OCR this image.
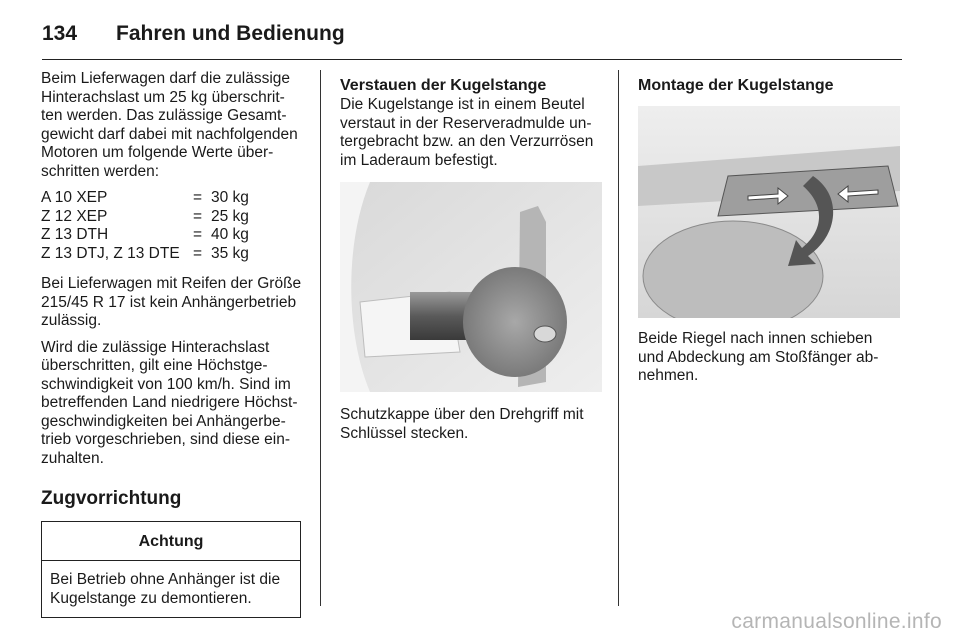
134	Fahren und Bedienung

Beim Lieferwagen darf die zulässige Hinterachslast um 25 kg überschrit-ten werden. Das zulässige Gesamt-gewicht darf dabei mit nachfolgenden Motoren um folgende Werte über-schritten werden:

A 10 XEP	=	30 kg
Z 12 XEP	=	25 kg
Z 13 DTH	=	40 kg
Z 13 DTJ, Z 13 DTE	=	35 kg

Bei Lieferwagen mit Reifen der Größe 215/45 R 17 ist kein Anhängerbetrieb zulässig.

Wird die zulässige Hinterachslast überschritten, gilt eine Höchstge-schwindigkeit von 100 km/h. Sind im betreffenden Land niedrigere Höchst-geschwindigkeiten bei Anhängerbe-trieb vorgeschrieben, sind diese ein-zuhalten.

Zugvorrichtung
Achtung
Bei Betrieb ohne Anhänger ist die Kugelstange zu demontieren.
Verstauen der Kugelstange

Die Kugelstange ist in einem Beutel verstaut in der Reserveradmulde un-tergebracht bzw. an den Verzurrösen im Laderaum befestigt.

Schutzkappe über den Drehgriff mit Schlüssel stecken.

Montage der Kugelstange

Beide Riegel nach innen schieben und Abdeckung am Stoßfänger ab-nehmen.

carmanualsonline.info
